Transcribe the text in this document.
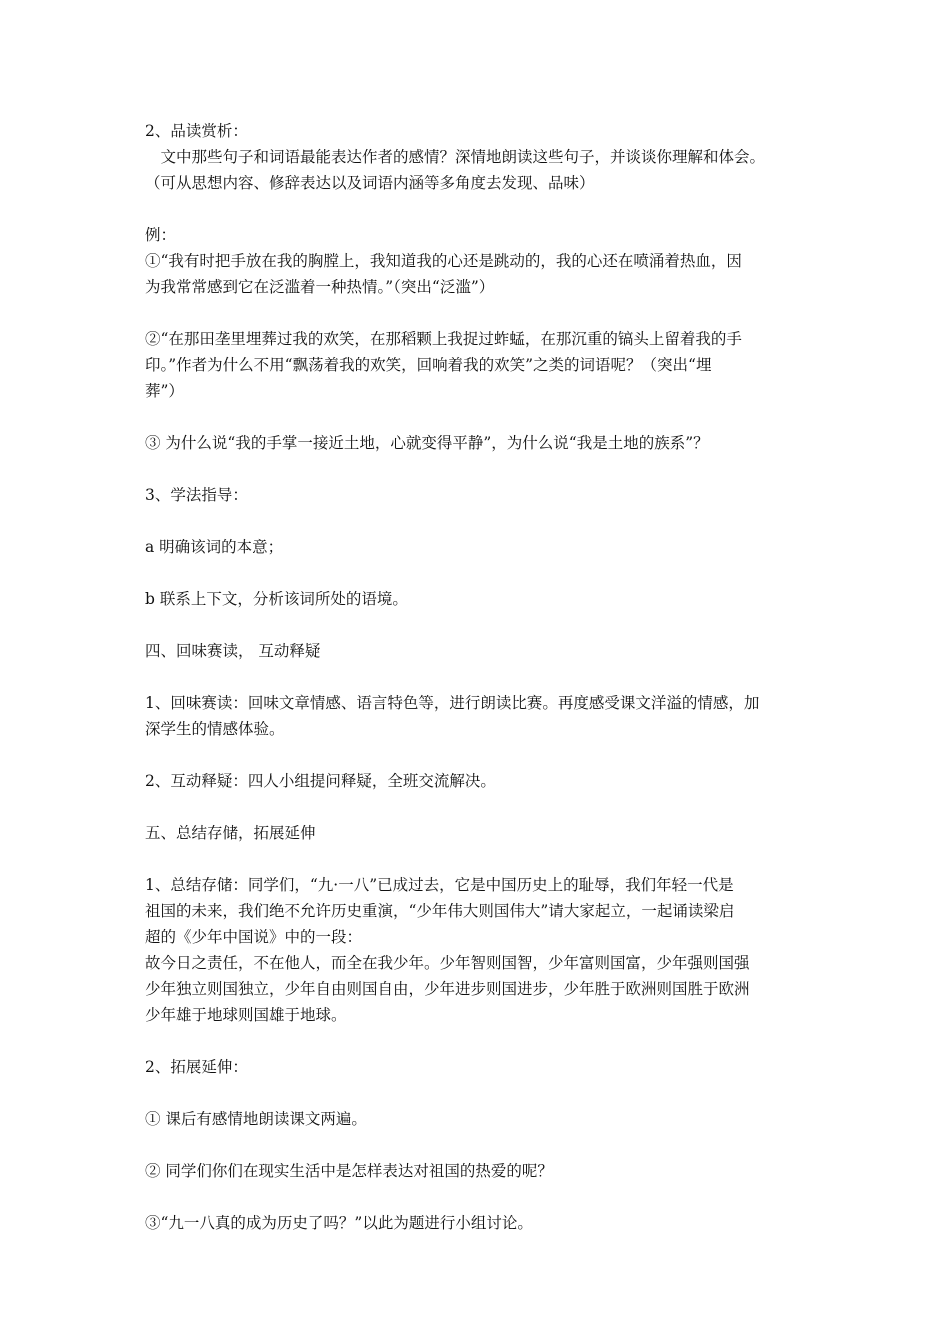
2、品读赏析：

文中那些句子和词语最能表达作者的感情？深情地朗读这些句子，并谈谈你理解和体会。

（可从思想内容、修辞表达以及词语内涵等多角度去发现、品味）

例：

①“我有时把手放在我的胸膛上，我知道我的心还是跳动的，我的心还在喷涌着热血，因

为我常常感到它在泛滥着一种热情。”（突出“泛滥”）

②“在那田垄里埋葬过我的欢笑，在那稻颗上我捉过蚱蜢，在那沉重的镐头上留着我的手

印。”作者为什么不用“飘荡着我的欢笑，回响着我的欢笑”之类的词语呢？（突出“埋

葬”）

③ 为什么说“我的手掌一接近土地，心就变得平静”，为什么说“我是土地的族系”？

3、学法指导：

a 明确该词的本意；

b 联系上下文，分析该词所处的语境。

四、回味赛读， 互动释疑

1、回味赛读：回味文章情感、语言特色等，进行朗读比赛。再度感受课文洋溢的情感，加

深学生的情感体验。

2、互动释疑：四人小组提问释疑，全班交流解决。

五、总结存储，拓展延伸

1、总结存储：同学们，“九·一八”已成过去，它是中国历史上的耻辱，我们年轻一代是

祖国的未来，我们绝不允许历史重演，“少年伟大则国伟大”请大家起立，一起诵读梁启

超的《少年中国说》中的一段：

故今日之责任，不在他人，而全在我少年。少年智则国智，少年富则国富，少年强则国强

少年独立则国独立，少年自由则国自由，少年进步则国进步，少年胜于欧洲则国胜于欧洲

少年雄于地球则国雄于地球。

2、拓展延伸：

① 课后有感情地朗读课文两遍。

② 同学们你们在现实生活中是怎样表达对祖国的热爱的呢？

③“九一八真的成为历史了吗？”以此为题进行小组讨论。
